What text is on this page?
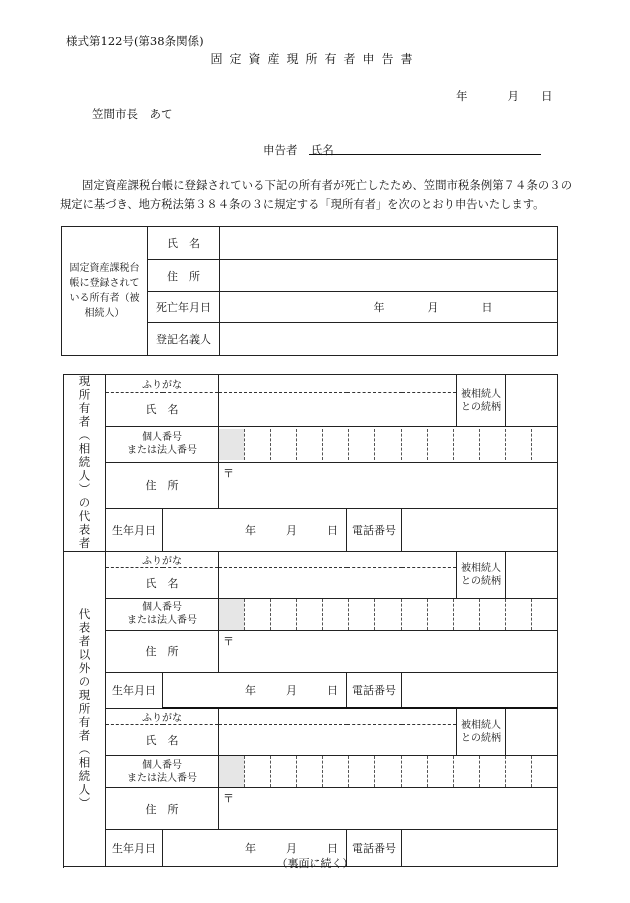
様式第122号(第38条関係)
固定資産現所有者申告書
年	月 日
笠間市長　あて
申告者 氏名
固定資産課税台帳に登録されている下記の所有者が死亡したため、笠間市税条例第７４条の３の規定に基づき、地方税法第３８４条の３に規定する「現所有者」を次のとおり申告いたします。
固定資産課税台帳に登録されている所有者（被相続人）	氏　名	
	住　所	
	死亡年月日	年 月 日
	登記名義人	
現所有者（相続人）の代表者	ふりがな					被相続人
との続柄	
	氏　名						
	個人番号
または法人番号						

	住　所		〒				
	生年月日	年 月 日		電話番号			

代表者以外の現所有者（相続人）	ふりがな					被相続人
との続柄	
	氏　名						
	個人番号
または法人番号						

	住　所		〒				
	生年月日	年 月 日		電話番号			
	ふりがな					被相続人
との続柄	
	氏　名						
	個人番号
または法人番号						

	住　所		〒				
	生年月日	年 月 日		電話番号			

（裏面に続く）
